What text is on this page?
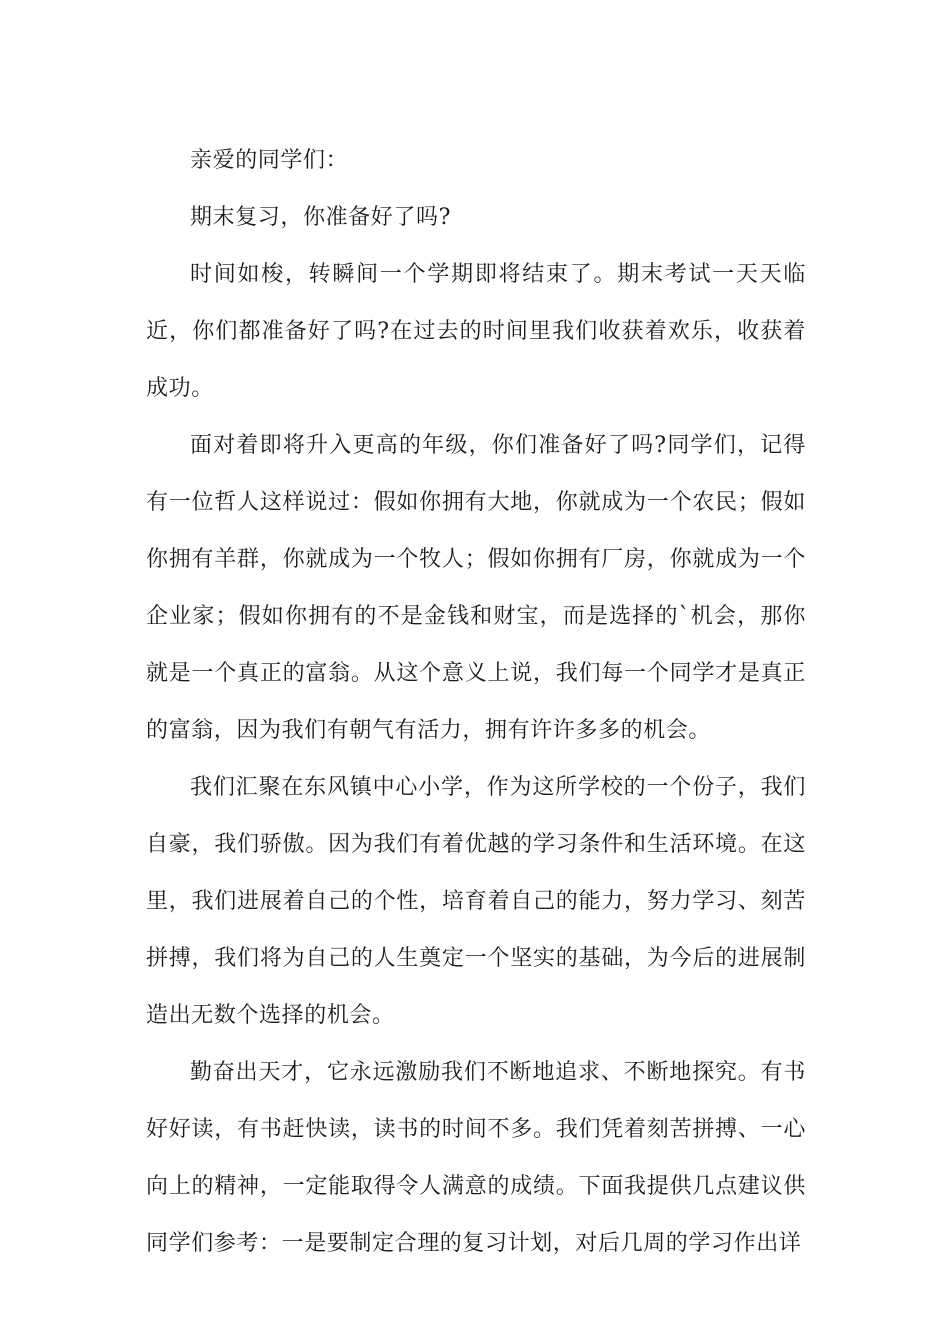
亲爱的同学们：

期末复习，你准备好了吗?

时间如梭，转瞬间一个学期即将结束了。期末考试一天天临近，你们都准备好了吗?在过去的时间里我们收获着欢乐，收获着成功。

面对着即将升入更高的年级，你们准备好了吗?同学们，记得有一位哲人这样说过：假如你拥有大地，你就成为一个农民；假如你拥有羊群，你就成为一个牧人；假如你拥有厂房，你就成为一个企业家；假如你拥有的不是金钱和财宝，而是选择的`机会，那你就是一个真正的富翁。从这个意义上说，我们每一个同学才是真正的富翁，因为我们有朝气有活力，拥有许许多多的机会。

我们汇聚在东风镇中心小学，作为这所学校的一个份子，我们自豪，我们骄傲。因为我们有着优越的学习条件和生活环境。在这里，我们进展着自己的个性，培育着自己的能力，努力学习、刻苦拼搏，我们将为自己的人生奠定一个坚实的基础，为今后的进展制造出无数个选择的机会。

勤奋出天才，它永远激励我们不断地追求、不断地探究。有书好好读，有书赶快读，读书的时间不多。我们凭着刻苦拼搏、一心向上的精神，一定能取得令人满意的成绩。下面我提供几点建议供同学们参考：一是要制定合理的复习计划，对后几周的学习作出详
